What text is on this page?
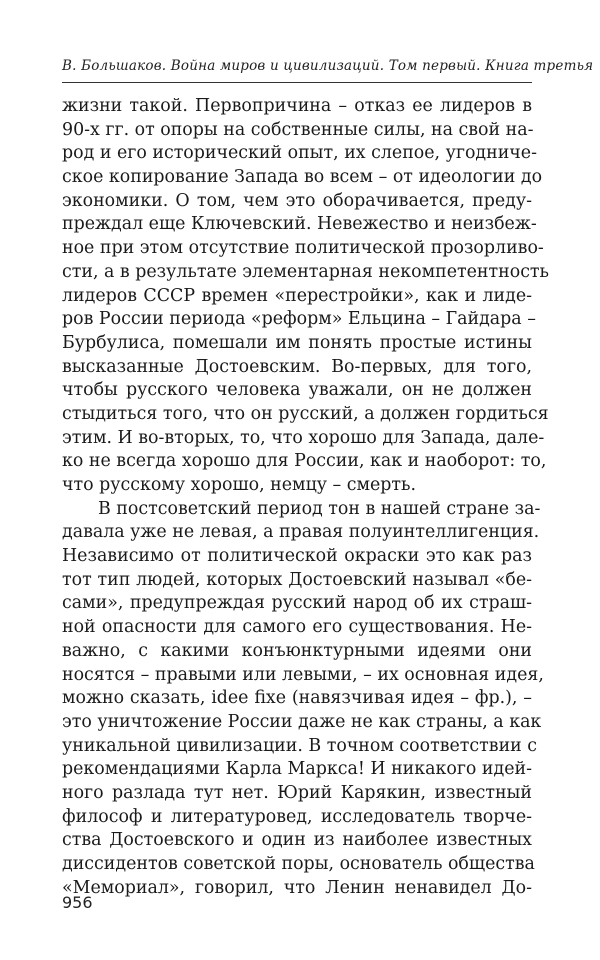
В. Большаков. Война миров и цивилизаций. Том первый. Книга третья
жизни такой. Первопричина – отказ ее лидеров в
90-х гг. от опоры на собственные силы, на свой на-
род и его исторический опыт, их слепое, угодниче-
ское копирование Запада во всем – от идеологии до
экономики. О том, чем это оборачивается, преду-
преждал еще Ключевский. Невежество и неизбеж-
ное при этом отсутствие политической прозорливо-
сти, а в результате элементарная некомпетентность
лидеров СССР времен «перестройки», как и лиде-
ров России периода «реформ» Ельцина – Гайдара –
Бурбулиса, помешали им понять простые истины
высказанные Достоевским. Во-первых, для того,
чтобы русского человека уважали, он не должен
стыдиться того, что он русский, а должен гордиться
этим. И во-вторых, то, что хорошо для Запада, дале-
ко не всегда хорошо для России, как и наоборот: то,
что русскому хорошо, немцу – смерть.
В постсоветский период тон в нашей стране за-
давала уже не левая, а правая полуинтеллигенция.
Независимо от политической окраски это как раз
тот тип людей, которых Достоевский называл «бе-
сами», предупреждая русский народ об их страш-
ной опасности для самого его существования. Не-
важно, с какими конъюнктурными идеями они
носятся – правыми или левыми, – их основная идея,
можно сказать, idee fixe (навязчивая идея – фр.), –
это уничтожение России даже не как страны, а как
уникальной цивилизации. В точном соответствии с
рекомендациями Карла Маркса! И никакого идей-
ного разлада тут нет. Юрий Карякин, известный
философ и литературовед, исследователь творче-
ства Достоевского и один из наиболее известных
диссидентов советской поры, основатель общества
«Мемориал», говорил, что Ленин ненавидел До-
956
